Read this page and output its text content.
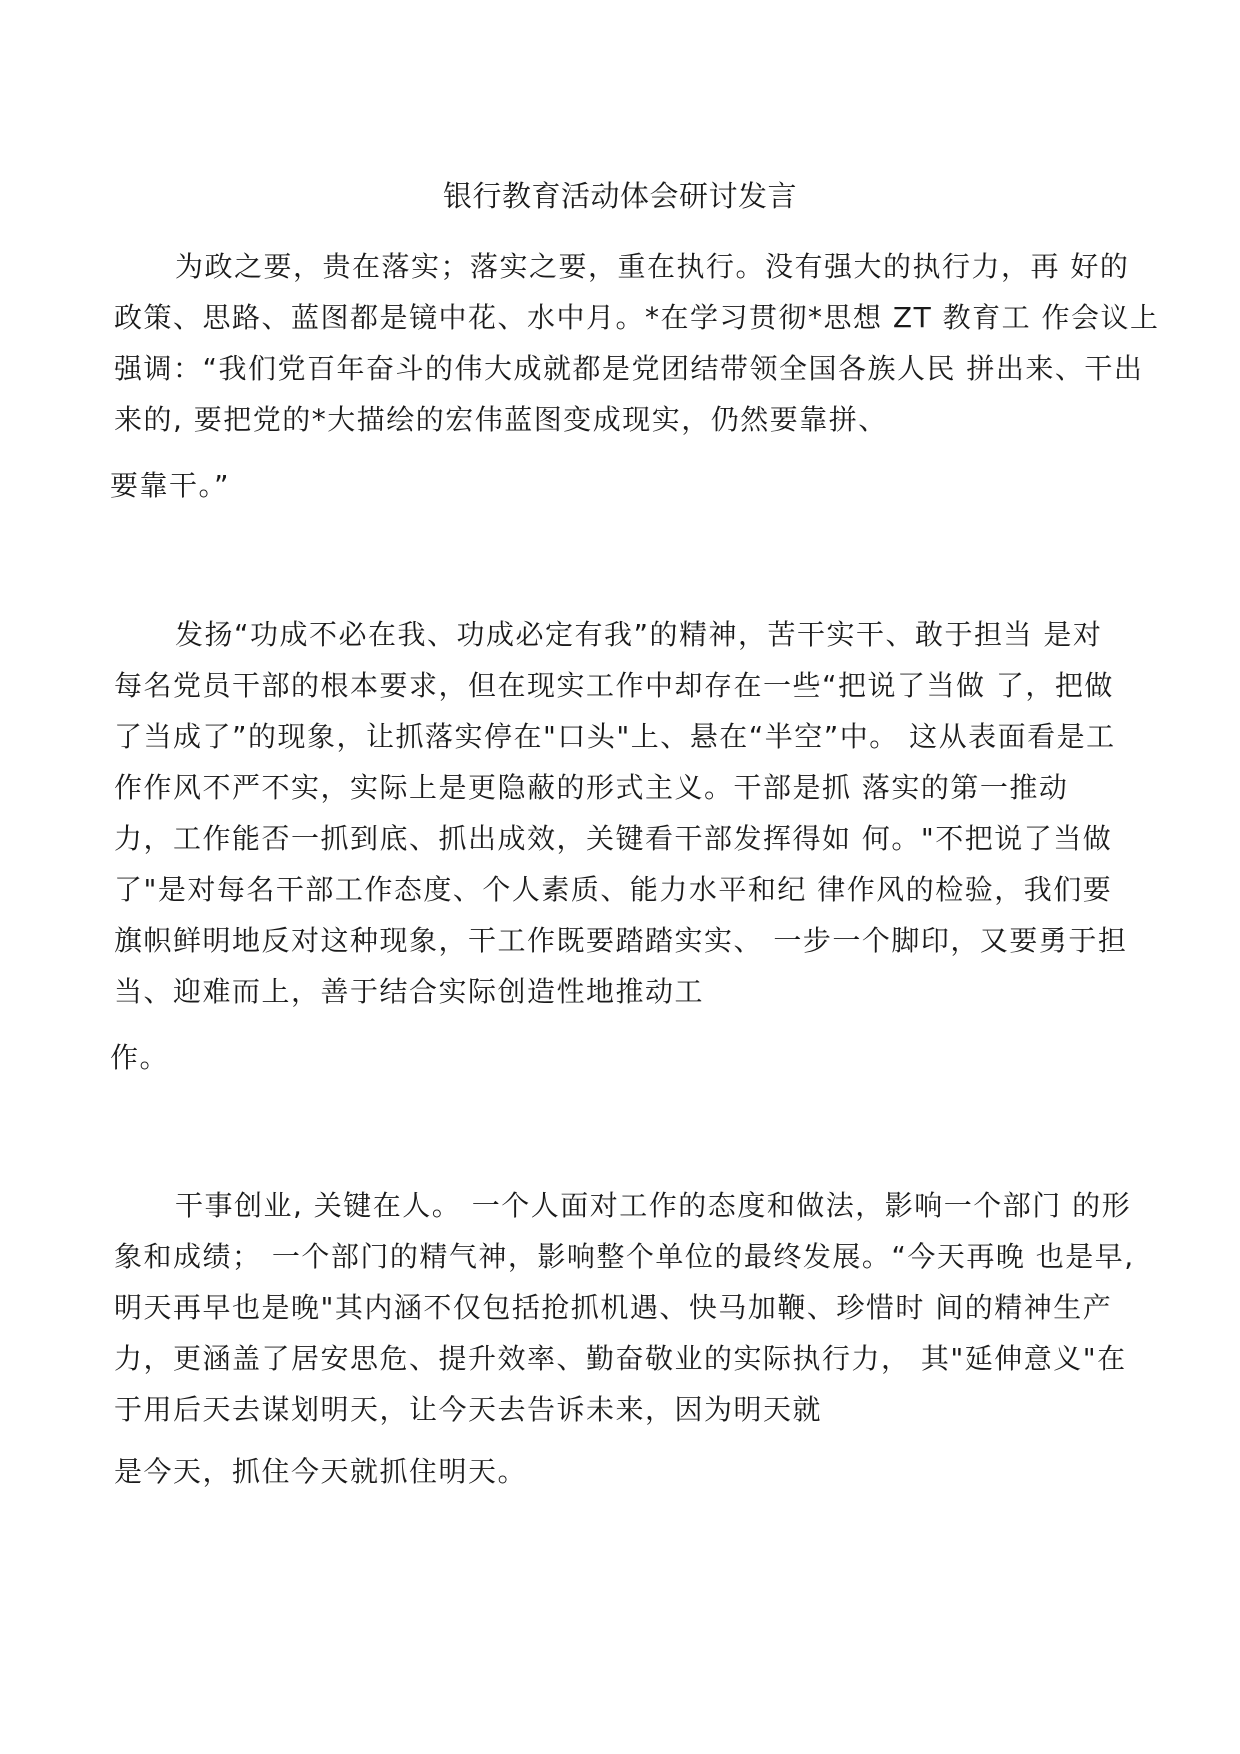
银行教育活动体会研讨发言
为政之要，贵在落实；落实之要，重在执行。没有强大的执行力，再 好的
政策、思路、蓝图都是镜中花、水中月。*在学习贯彻*思想 ZT 教育工 作会议上
强调：“我们党百年奋斗的伟大成就都是党团结带领全国各族人民 拼出来、干出
来的, 要把党的*大描绘的宏伟蓝图变成现实，仍然要靠拼、
要靠干。”
发扬“功成不必在我、功成必定有我”的精神，苦干实干、敢于担当 是对
每名党员干部的根本要求，但在现实工作中却存在一些“把说了当做 了，把做
了当成了”的现象，让抓落实停在"口头"上、悬在“半空”中。 这从表面看是工
作作风不严不实，实际上是更隐蔽的形式主义。干部是抓 落实的第一推动
力，工作能否一抓到底、抓出成效，关键看干部发挥得如 何。"不把说了当做
了"是对每名干部工作态度、个人素质、能力水平和纪 律作风的检验，我们要
旗帜鲜明地反对这种现象，干工作既要踏踏实实、 一步一个脚印，又要勇于担
当、迎难而上，善于结合实际创造性地推动工
作。
干事创业, 关键在人。 一个人面对工作的态度和做法，影响一个部门 的形
象和成绩； 一个部门的精气神，影响整个单位的最终发展。“今天再晚 也是早,
明天再早也是晚"其内涵不仅包括抢抓机遇、快马加鞭、珍惜时 间的精神生产
力，更涵盖了居安思危、提升效率、勤奋敬业的实际执行力， 其"延伸意义"在
于用后天去谋划明天，让今天去告诉未来，因为明天就
是今天，抓住今天就抓住明天。
